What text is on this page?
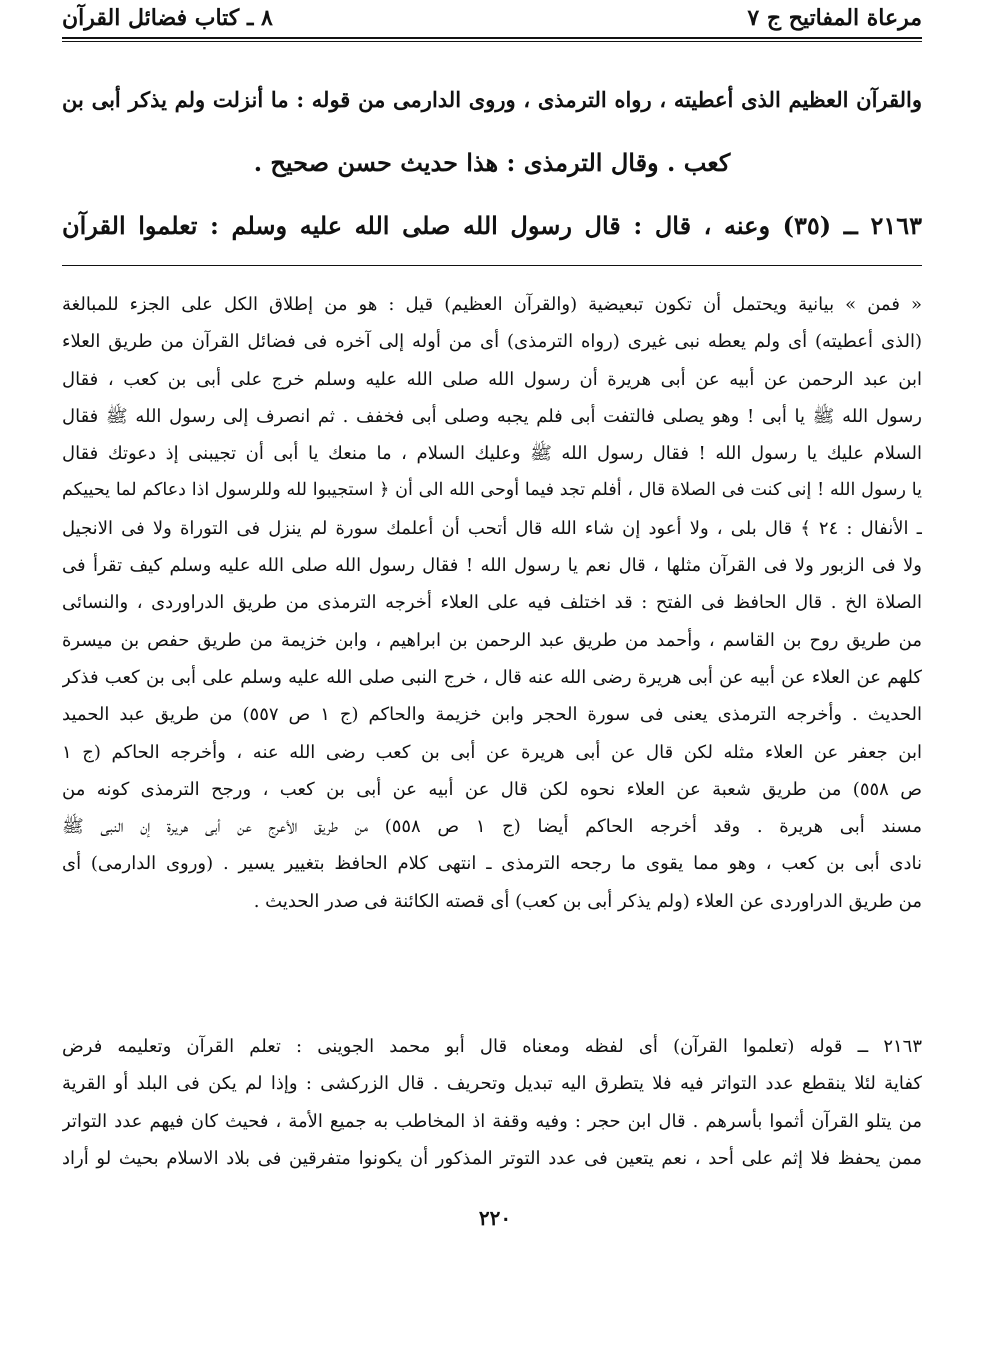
مرعاة المفاتيح ج ٧
٨ ـ كتاب فضائل القرآن
والقرآن العظيم الذى أعطيته ، رواه الترمذى ، وروى الدارمى من قوله : ما أنزلت ولم يذكر أبى بن
كعب . وقال الترمذى : هذا حديث حسن صحيح .
٢١٦٣ ــ (٣٥) وعنه ، قال : قال رسول الله صلى الله عليه وسلم : تعلموا القرآن
« فمن » بيانية ويحتمل أن تكون تبعيضية (والقرآن العظيم) قيل : هو من إطلاق الكل على الجزء للمبالغة
(الذى أعطيته) أى ولم يعطه نبى غيرى (رواه الترمذى) أى من أوله إلى آخره فى فضائل القرآن من طريق العلاء
ابن عبد الرحمن عن أبيه عن أبى هريرة أن رسول الله صلى الله عليه وسلم خرج على أبى بن كعب ، فقال
رسول الله ﷺ يا أبى ! وهو يصلى فالتفت أبى فلم يجبه وصلى أبى فخفف . ثم انصرف إلى رسول الله ﷺ فقال
السلام عليك يا رسول الله ! فقال رسول الله ﷺ وعليك السلام ، ما منعك يا أبى أن تجيبنى إذ دعوتك فقال
يا رسول الله ! إنى كنت فى الصلاة قال ، أفلم تجد فيما أوحى الله الى أن ﴿ استجيبوا لله وللرسول اذا دعاكم لما يحييكم
ـ الأنفال : ٢٤ ﴾ قال بلى ، ولا أعود إن شاء الله قال أتحب أن أعلمك سورة لم ينزل فى التوراة ولا فى الانجيل
ولا فى الزبور ولا فى القرآن مثلها ، قال نعم يا رسول الله ! فقال رسول الله صلى الله عليه وسلم كيف تقرأ فى
الصلاة الخ . قال الحافظ فى الفتح : قد اختلف فيه على العلاء أخرجه الترمذى من طريق الدراوردى ، والنسائى
من طريق روح بن القاسم ، وأحمد من طريق عبد الرحمن بن ابراهيم ، وابن خزيمة من طريق حفص بن ميسرة
كلهم عن العلاء عن أبيه عن أبى هريرة رضى الله عنه قال ، خرج النبى صلى الله عليه وسلم على أبى بن كعب فذكر
الحديث . وأخرجه الترمذى يعنى فى سورة الحجر وابن خزيمة والحاكم (ج ١ ص ٥٥٧) من طريق عبد الحميد
ابن جعفر عن العلاء مثله لكن قال عن أبى هريرة عن أبى بن كعب رضى الله عنه ، وأخرجه الحاكم (ج ١
ص ٥٥٨) من طريق شعبة عن العلاء نحوه لكن قال عن أبيه عن أبى بن كعب ، ورجح الترمذى كونه من
مسند أبى هريرة . وقد أخرجه الحاكم أيضا (ج ١ ص ٥٥٨) من طريق الأعرج عن أبى هريرة إن النبى ﷺ
نادى أبى بن كعب ، وهو مما يقوى ما رجحه الترمذى ـ انتهى كلام الحافظ بتغيير يسير . (وروى الدارمى) أى
من طريق الدراوردى عن العلاء (ولم يذكر أبى بن كعب) أى قصته الكائنة فى صدر الحديث .
٢١٦٣ ــ قوله (تعلموا القرآن) أى لفظه ومعناه قال أبو محمد الجوينى : تعلم القرآن وتعليمه فرض
كفاية لئلا ينقطع عدد التواتر فيه فلا يتطرق اليه تبديل وتحريف . قال الزركشى : وإذا لم يكن فى البلد أو القرية
من يتلو القرآن أثموا بأسرهم . قال ابن حجر : وفيه وقفة اذ المخاطب به جميع الأمة ، فحيث كان فيهم عدد التواتر
ممن يحفظ فلا إثم على أحد ، نعم يتعين فى عدد التوتر المذكور أن يكونوا متفرقين فى بلاد الاسلام بحيث لو أراد
٢٢٠
